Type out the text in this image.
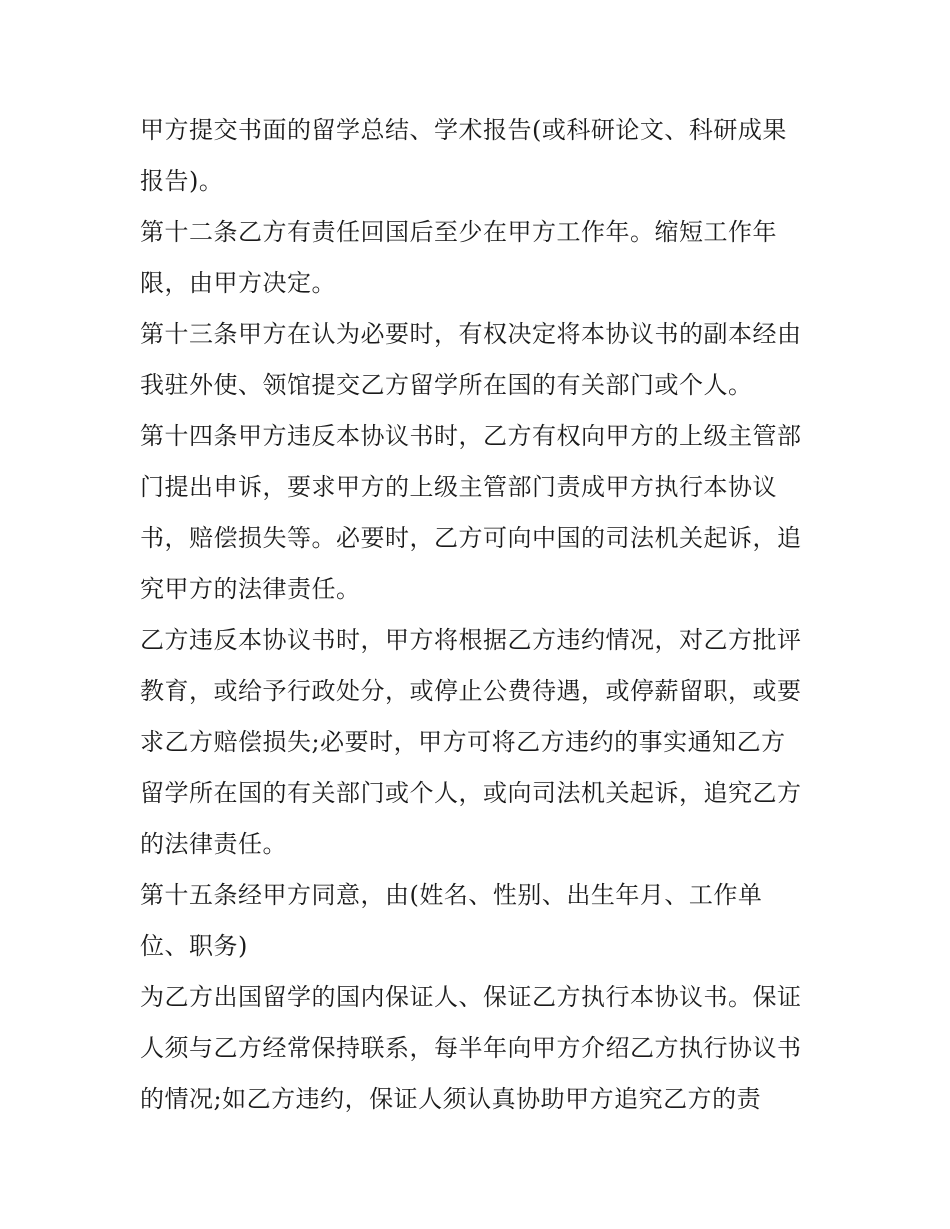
甲方提交书面的留学总结、学术报告(或科研论文、科研成果
报告)。
第十二条乙方有责任回国后至少在甲方工作年。缩短工作年
限，由甲方决定。
第十三条甲方在认为必要时，有权决定将本协议书的副本经由
我驻外使、领馆提交乙方留学所在国的有关部门或个人。
第十四条甲方违反本协议书时，乙方有权向甲方的上级主管部
门提出申诉，要求甲方的上级主管部门责成甲方执行本协议
书，赔偿损失等。必要时，乙方可向中国的司法机关起诉，追
究甲方的法律责任。
乙方违反本协议书时，甲方将根据乙方违约情况，对乙方批评
教育，或给予行政处分，或停止公费待遇，或停薪留职，或要
求乙方赔偿损失;必要时，甲方可将乙方违约的事实通知乙方
留学所在国的有关部门或个人，或向司法机关起诉，追究乙方
的法律责任。
第十五条经甲方同意，由(姓名、性别、出生年月、工作单
位、职务)
为乙方出国留学的国内保证人、保证乙方执行本协议书。保证
人须与乙方经常保持联系，每半年向甲方介绍乙方执行协议书
的情况;如乙方违约，保证人须认真协助甲方追究乙方的责
